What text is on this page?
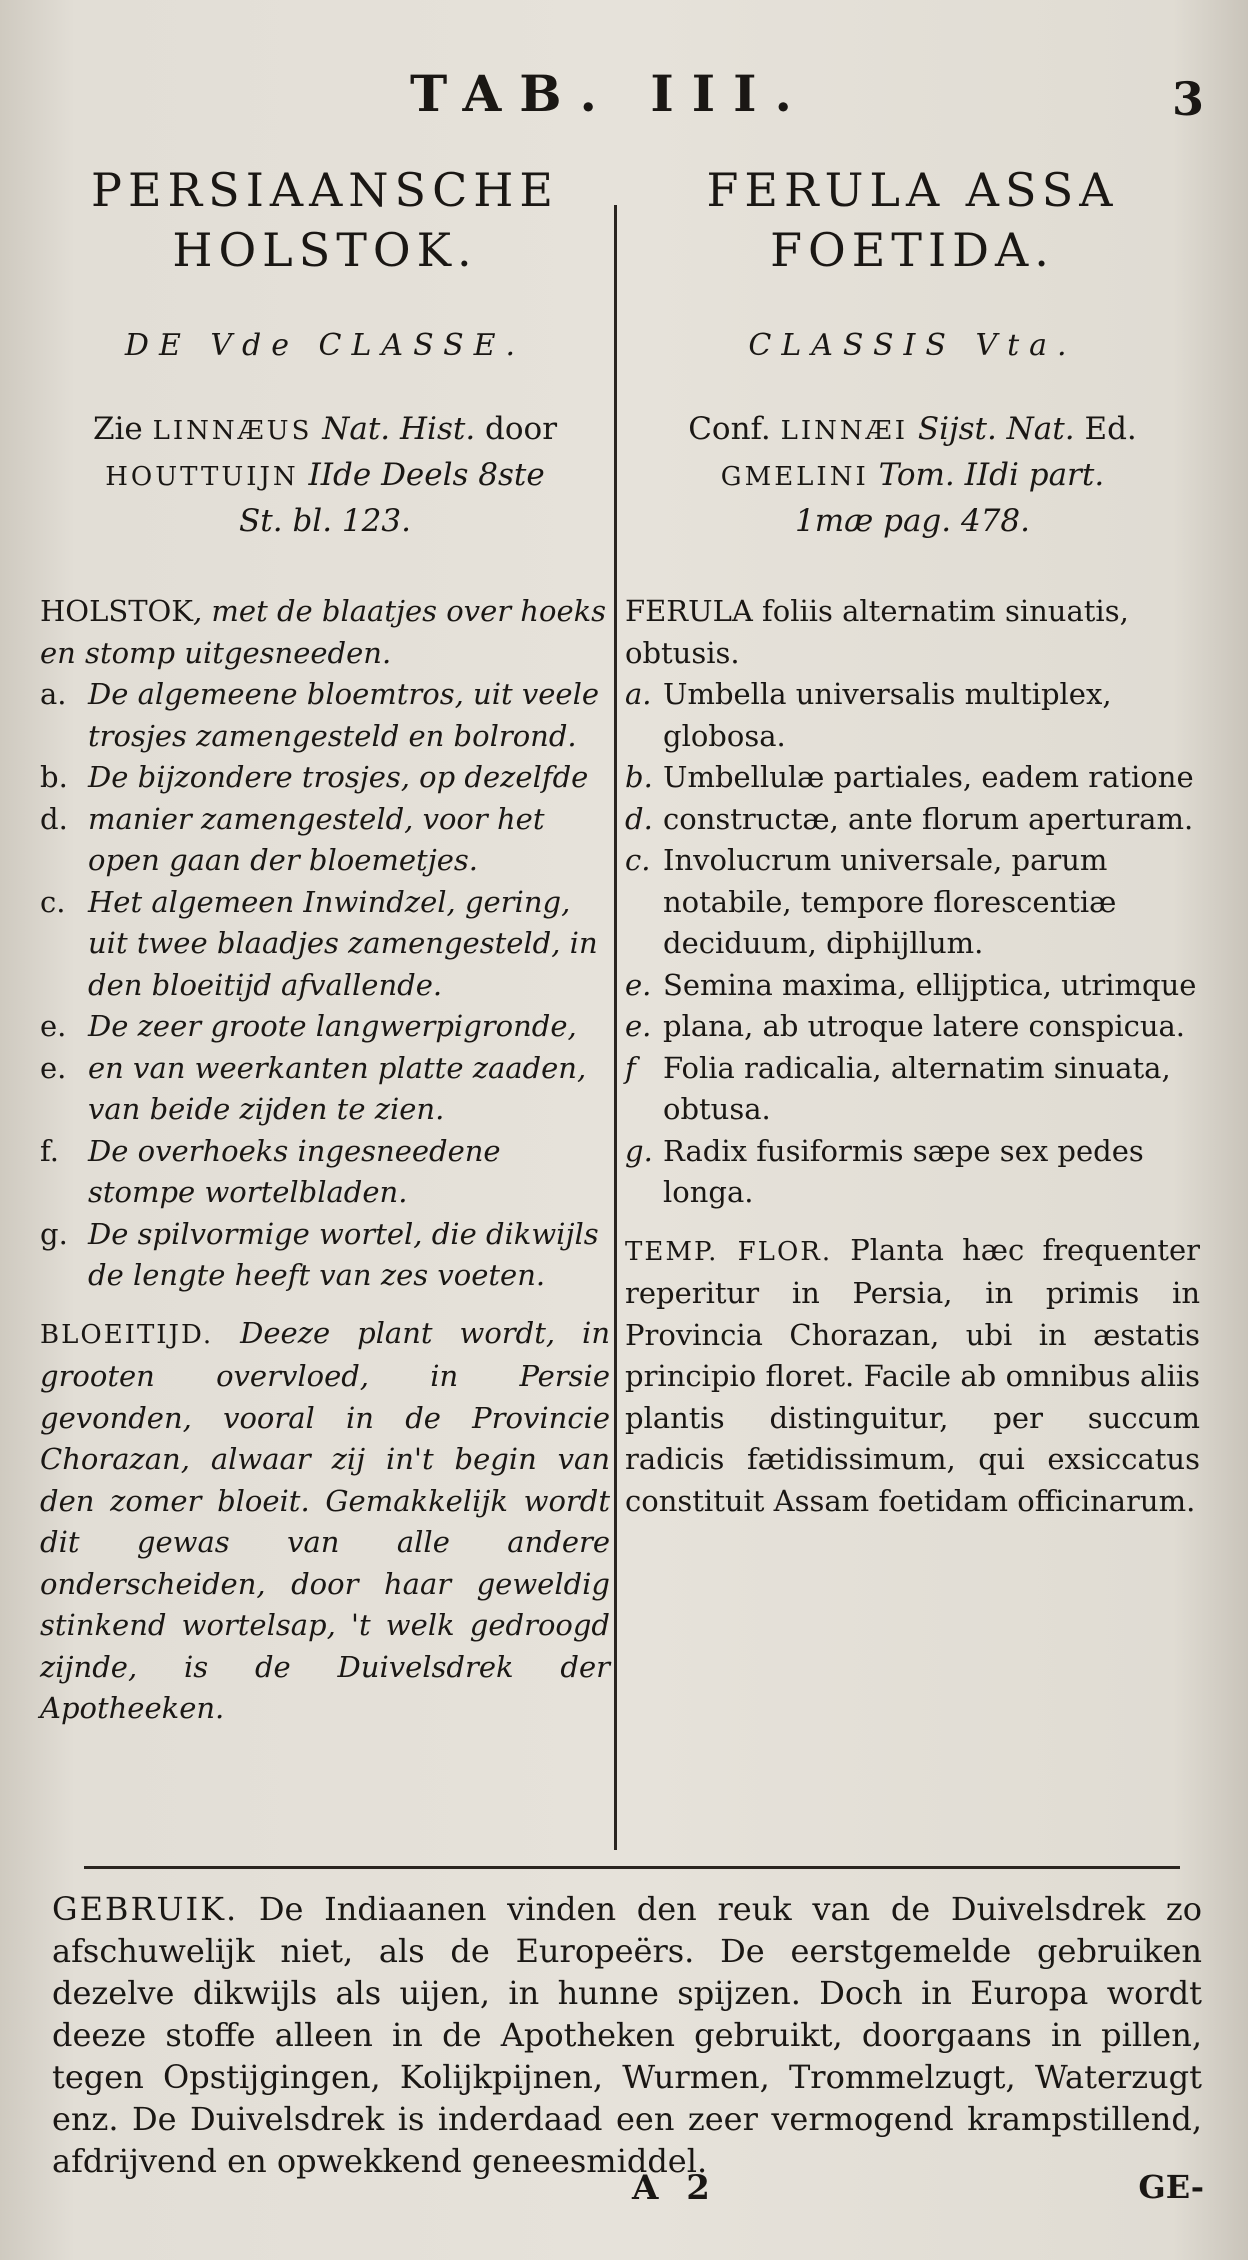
TAB. III.	3
PERSIAANSCHE
HOLSTOK.
DE Vde CLASSE.
Zie LINNÆUS Nat. Hist. door
HOUTTUIJN IIde Deels 8ste
St. bl. 123.
HOLSTOK, met de blaatjes over hoeks en stomp uitgesneeden.
a. De algemeene bloemtros, uit veele trosjes zamengesteld en bolrond.
b. d.
De bijzondere trosjes, op dezelfde manier zamengesteld, voor het open gaan der bloemetjes.
c. Het algemeen Inwindzel, gering, uit twee blaadjes zamengesteld, in den bloeitijd afvallende.
e. e.
De zeer groote langwerpigronde, en van weerkanten platte zaaden, van beide zijden te zien.
f.	De overhoeks ingesneedene stompe wortelbladen.
g. De spilvormige wortel, die dikwijls de lengte heeft van zes voeten.
BLOEITIJD. Deeze plant wordt, in grooten overvloed, in Persie gevonden, vooral in de Provincie Chorazan, alwaar zij in't begin van den zomer bloeit. Gemakkelijk wordt dit gewas van alle andere onderscheiden, door haar geweldig stinkend wortelsap, 't welk gedroogd zijnde, is de Duivelsdrek der Apotheeken.
FERULA ASSA
FOETIDA.
CLASSIS Vta.
Conf. LINNÆI Sijst. Nat. Ed.
GMELINI Tom. IIdi part.
1mæ pag. 478.
FERULA foliis alternatim sinuatis, obtusis.
a. Umbella universalis multiplex, globosa.
b. d.
Umbellulæ partiales, eadem ratione constructæ, ante florum aperturam.
c. Involucrum universale, parum notabile, tempore florescentiæ deciduum, diphijllum.
e. e.
Semina maxima, ellijptica, utrimque plana, ab utroque latere conspicua.
f Folia radicalia, alternatim sinuata, obtusa.
g. Radix fusiformis sæpe sex pedes longa.
TEMP. FLOR. Planta hæc frequenter reperitur in Persia, in primis in Provincia Chorazan, ubi in æstatis principio floret. Facile ab omnibus aliis plantis distinguitur, per succum radicis fætidissimum, qui exsiccatus constituit Assam foetidam officinarum.
GEBRUIK. De Indiaanen vinden den reuk van de Duivelsdrek zo afschuwelijk niet, als de Europeërs. De eerstgemelde gebruiken dezelve dikwijls als uijen, in hunne spijzen. Doch in Europa wordt deeze stoffe alleen in de Apotheken gebruikt, doorgaans in pillen, tegen Opstijgingen, Kolijkpijnen, Wurmen, Trommelzugt, Waterzugt enz. De Duivelsdrek is inderdaad een zeer vermogend krampstillend, afdrijvend en opwekkend geneesmiddel.
A 2	GE-
